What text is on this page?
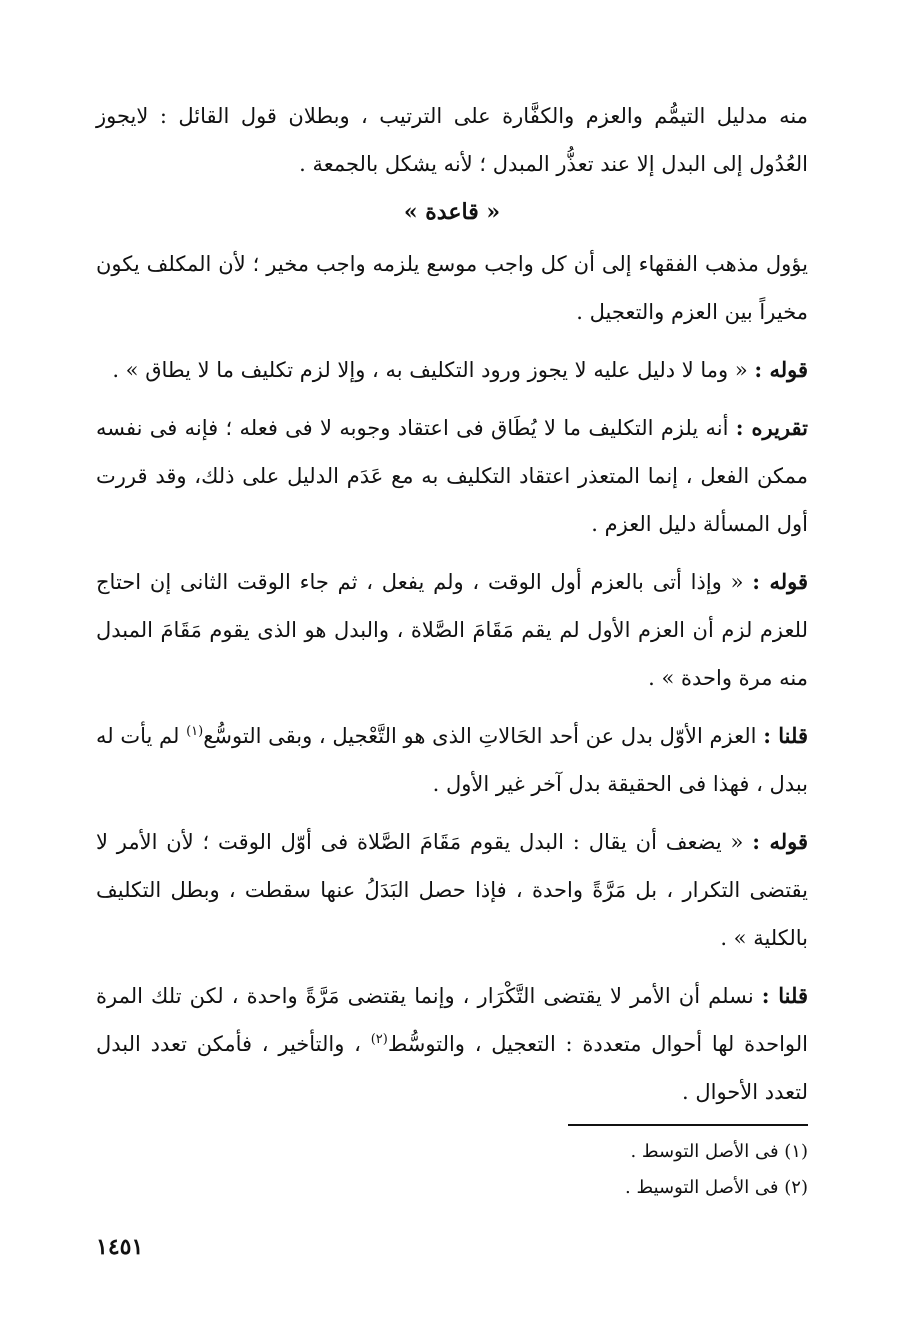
منه مدليل التيمُّم والعزم والكفَّارة على الترتيب ، وبطلان قول القائل : لايجوز العُدُول إلى البدل إلا عند تعذُّر المبدل ؛ لأنه يشكل بالجمعة .

« قاعدة »

يؤول مذهب الفقهاء إلى أن كل واجب موسع يلزمه واجب مخير ؛ لأن المكلف يكون مخيراً بين العزم والتعجيل .

قوله : « وما لا دليل عليه لا يجوز ورود التكليف به ، وإلا لزم تكليف ما لا يطاق » .

تقريره : أنه يلزم التكليف ما لا يُطَاق فى اعتقاد وجوبه لا فى فعله ؛ فإنه فى نفسه ممكن الفعل ، إنما المتعذر اعتقاد التكليف به مع عَدَم الدليل على ذلك، وقد قررت أول المسألة دليل العزم .

قوله : « وإذا أتى بالعزم أول الوقت ، ولم يفعل ، ثم جاء الوقت الثانى إن احتاج للعزم لزم أن العزم الأول لم يقم مَقَامَ الصَّلاة ، والبدل هو الذى يقوم مَقَامَ المبدل منه مرة واحدة » .

قلنا : العزم الأوّل بدل عن أحد الحَالاتِ الذى هو التَّعْجيل ، وبقى التوسُّع$^{(١)}$ لم يأت له ببدل ، فهذا فى الحقيقة بدل آخر غير الأول .

قوله : « يضعف أن يقال : البدل يقوم مَقَامَ الصَّلاة فى أوّل الوقت ؛ لأن الأمر لا يقتضى التكرار ، بل مَرَّةً واحدة ، فإذا حصل البَدَلُ عنها سقطت ، وبطل التكليف بالكلية » .

قلنا : نسلم أن الأمر لا يقتضى التَّكْرَار ، وإنما يقتضى مَرَّةً واحدة ، لكن تلك المرة الواحدة لها أحوال متعددة : التعجيل ، والتوسُّط$^{(٢)}$ ، والتأخير ، فأمكن تعدد البدل لتعدد الأحوال .

(١) فى الأصل التوسط .
(٢) فى الأصل التوسيط .
١٤٥١
